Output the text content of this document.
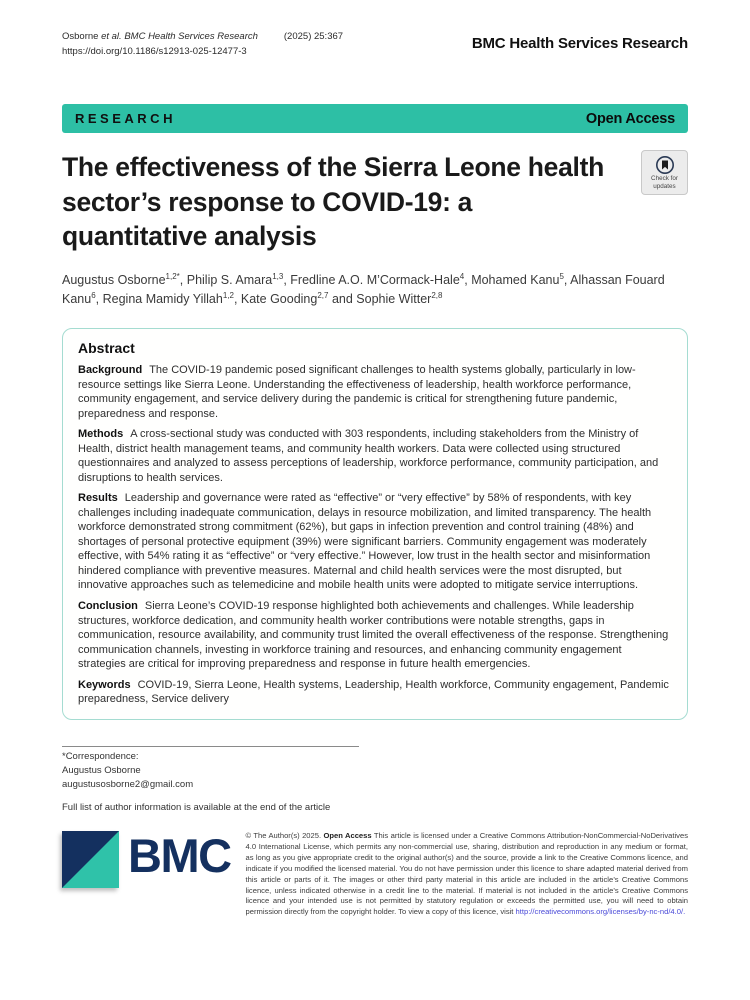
Osborne et al. BMC Health Services Research	(2025) 25:367
https://doi.org/10.1186/s12913-025-12477-3	BMC Health Services Research
RESEARCH	Open Access
The effectiveness of the Sierra Leone health sector’s response to COVID-19: a quantitative analysis
Check for
updates
Augustus Osborne$^{1,2*}$, Philip S. Amara$^{1,3}$, Fredline A.O. M’Cormack-Hale$^4$, Mohamed Kanu$^5$, Alhassan Fouard Kanu$^6$, Regina Mamidy Yillah$^{1,2}$, Kate Gooding$^{2,7}$ and Sophie Witter$^{2,8}$
Abstract

Background The COVID-19 pandemic posed significant challenges to health systems globally, particularly in low-resource settings like Sierra Leone. Understanding the effectiveness of leadership, health workforce performance, community engagement, and service delivery during the pandemic is critical for strengthening future pandemic, preparedness and response.

Methods A cross-sectional study was conducted with 303 respondents, including stakeholders from the Ministry of Health, district health management teams, and community health workers. Data were collected using structured questionnaires and analyzed to assess perceptions of leadership, workforce performance, community participation, and disruptions to health services.

Results Leadership and governance were rated as “effective” or “very effective” by 58% of respondents, with key challenges including inadequate communication, delays in resource mobilization, and limited transparency. The health workforce demonstrated strong commitment (62%), but gaps in infection prevention and control training (48%) and shortages of personal protective equipment (39%) were significant barriers. Community engagement was moderately effective, with 54% rating it as “effective” or “very effective.” However, low trust in the health sector and misinformation hindered compliance with preventive measures. Maternal and child health services were the most disrupted, but innovative approaches such as telemedicine and mobile health units were adopted to mitigate service interruptions.

Conclusion Sierra Leone’s COVID-19 response highlighted both achievements and challenges. While leadership structures, workforce dedication, and community health worker contributions were notable strengths, gaps in communication, resource availability, and community trust limited the overall effectiveness of the response. Strengthening communication channels, investing in workforce training and resources, and enhancing community engagement strategies are critical for improving preparedness and response in future health emergencies.

Keywords COVID-19, Sierra Leone, Health systems, Leadership, Health workforce, Community engagement, Pandemic preparedness, Service delivery

*Correspondence:
Augustus Osborne
augustusosborne2@gmail.com
Full list of author information is available at the end of the article
BMC © The Author(s) 2025. Open Access This article is licensed under a Creative Commons Attribution-NonCommercial-NoDerivatives 4.0 International License, which permits any non-commercial use, sharing, distribution and reproduction in any medium or format, as long as you give appropriate credit to the original author(s) and the source, provide a link to the Creative Commons licence, and indicate if you modified the licensed material. You do not have permission under this licence to share adapted material derived from this article or parts of it. The images or other third party material in this article are included in the article’s Creative Commons licence, unless indicated otherwise in a credit line to the material. If material is not included in the article’s Creative Commons licence and your intended use is not permitted by statutory regulation or exceeds the permitted use, you will need to obtain permission directly from the copyright holder. To view a copy of this licence, visit http://creativecommons.org/licenses/by-nc-nd/4.0/.
